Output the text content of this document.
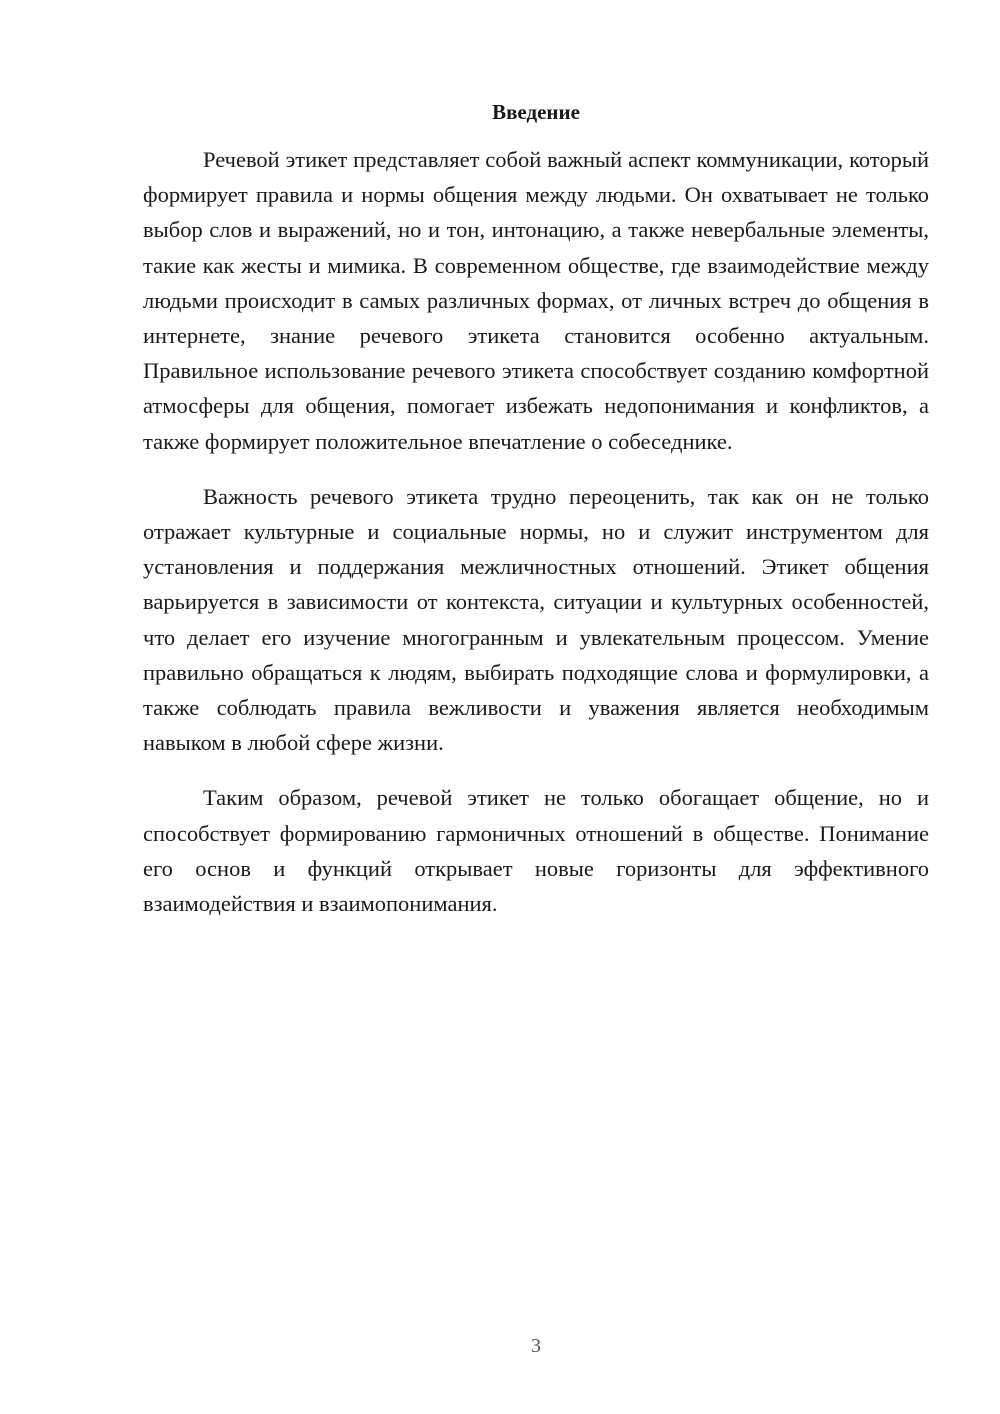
Введение

Речевой этикет представляет собой важный аспект коммуникации, который формирует правила и нормы общения между людьми. Он охватывает не только выбор слов и выражений, но и тон, интонацию, а также невербальные элементы, такие как жесты и мимика. В современном обществе, где взаимодействие между людьми происходит в самых различных формах, от личных встреч до общения в интернете, знание речевого этикета становится особенно актуальным. Правильное использование речевого этикета способствует созданию комфортной атмосферы для общения, помогает избежать недопонимания и конфликтов, а также формирует положительное впечатление о собеседнике.

Важность речевого этикета трудно переоценить, так как он не только отражает культурные и социальные нормы, но и служит инструментом для установления и поддержания межличностных отношений. Этикет общения варьируется в зависимости от контекста, ситуации и культурных особенностей, что делает его изучение многогранным и увлекательным процессом. Умение правильно обращаться к людям, выбирать подходящие слова и формулировки, а также соблюдать правила вежливости и уважения является необходимым навыком в любой сфере жизни.

Таким образом, речевой этикет не только обогащает общение, но и способствует формированию гармоничных отношений в обществе. Понимание его основ и функций открывает новые горизонты для эффективного взаимодействия и взаимопонимания.

3
